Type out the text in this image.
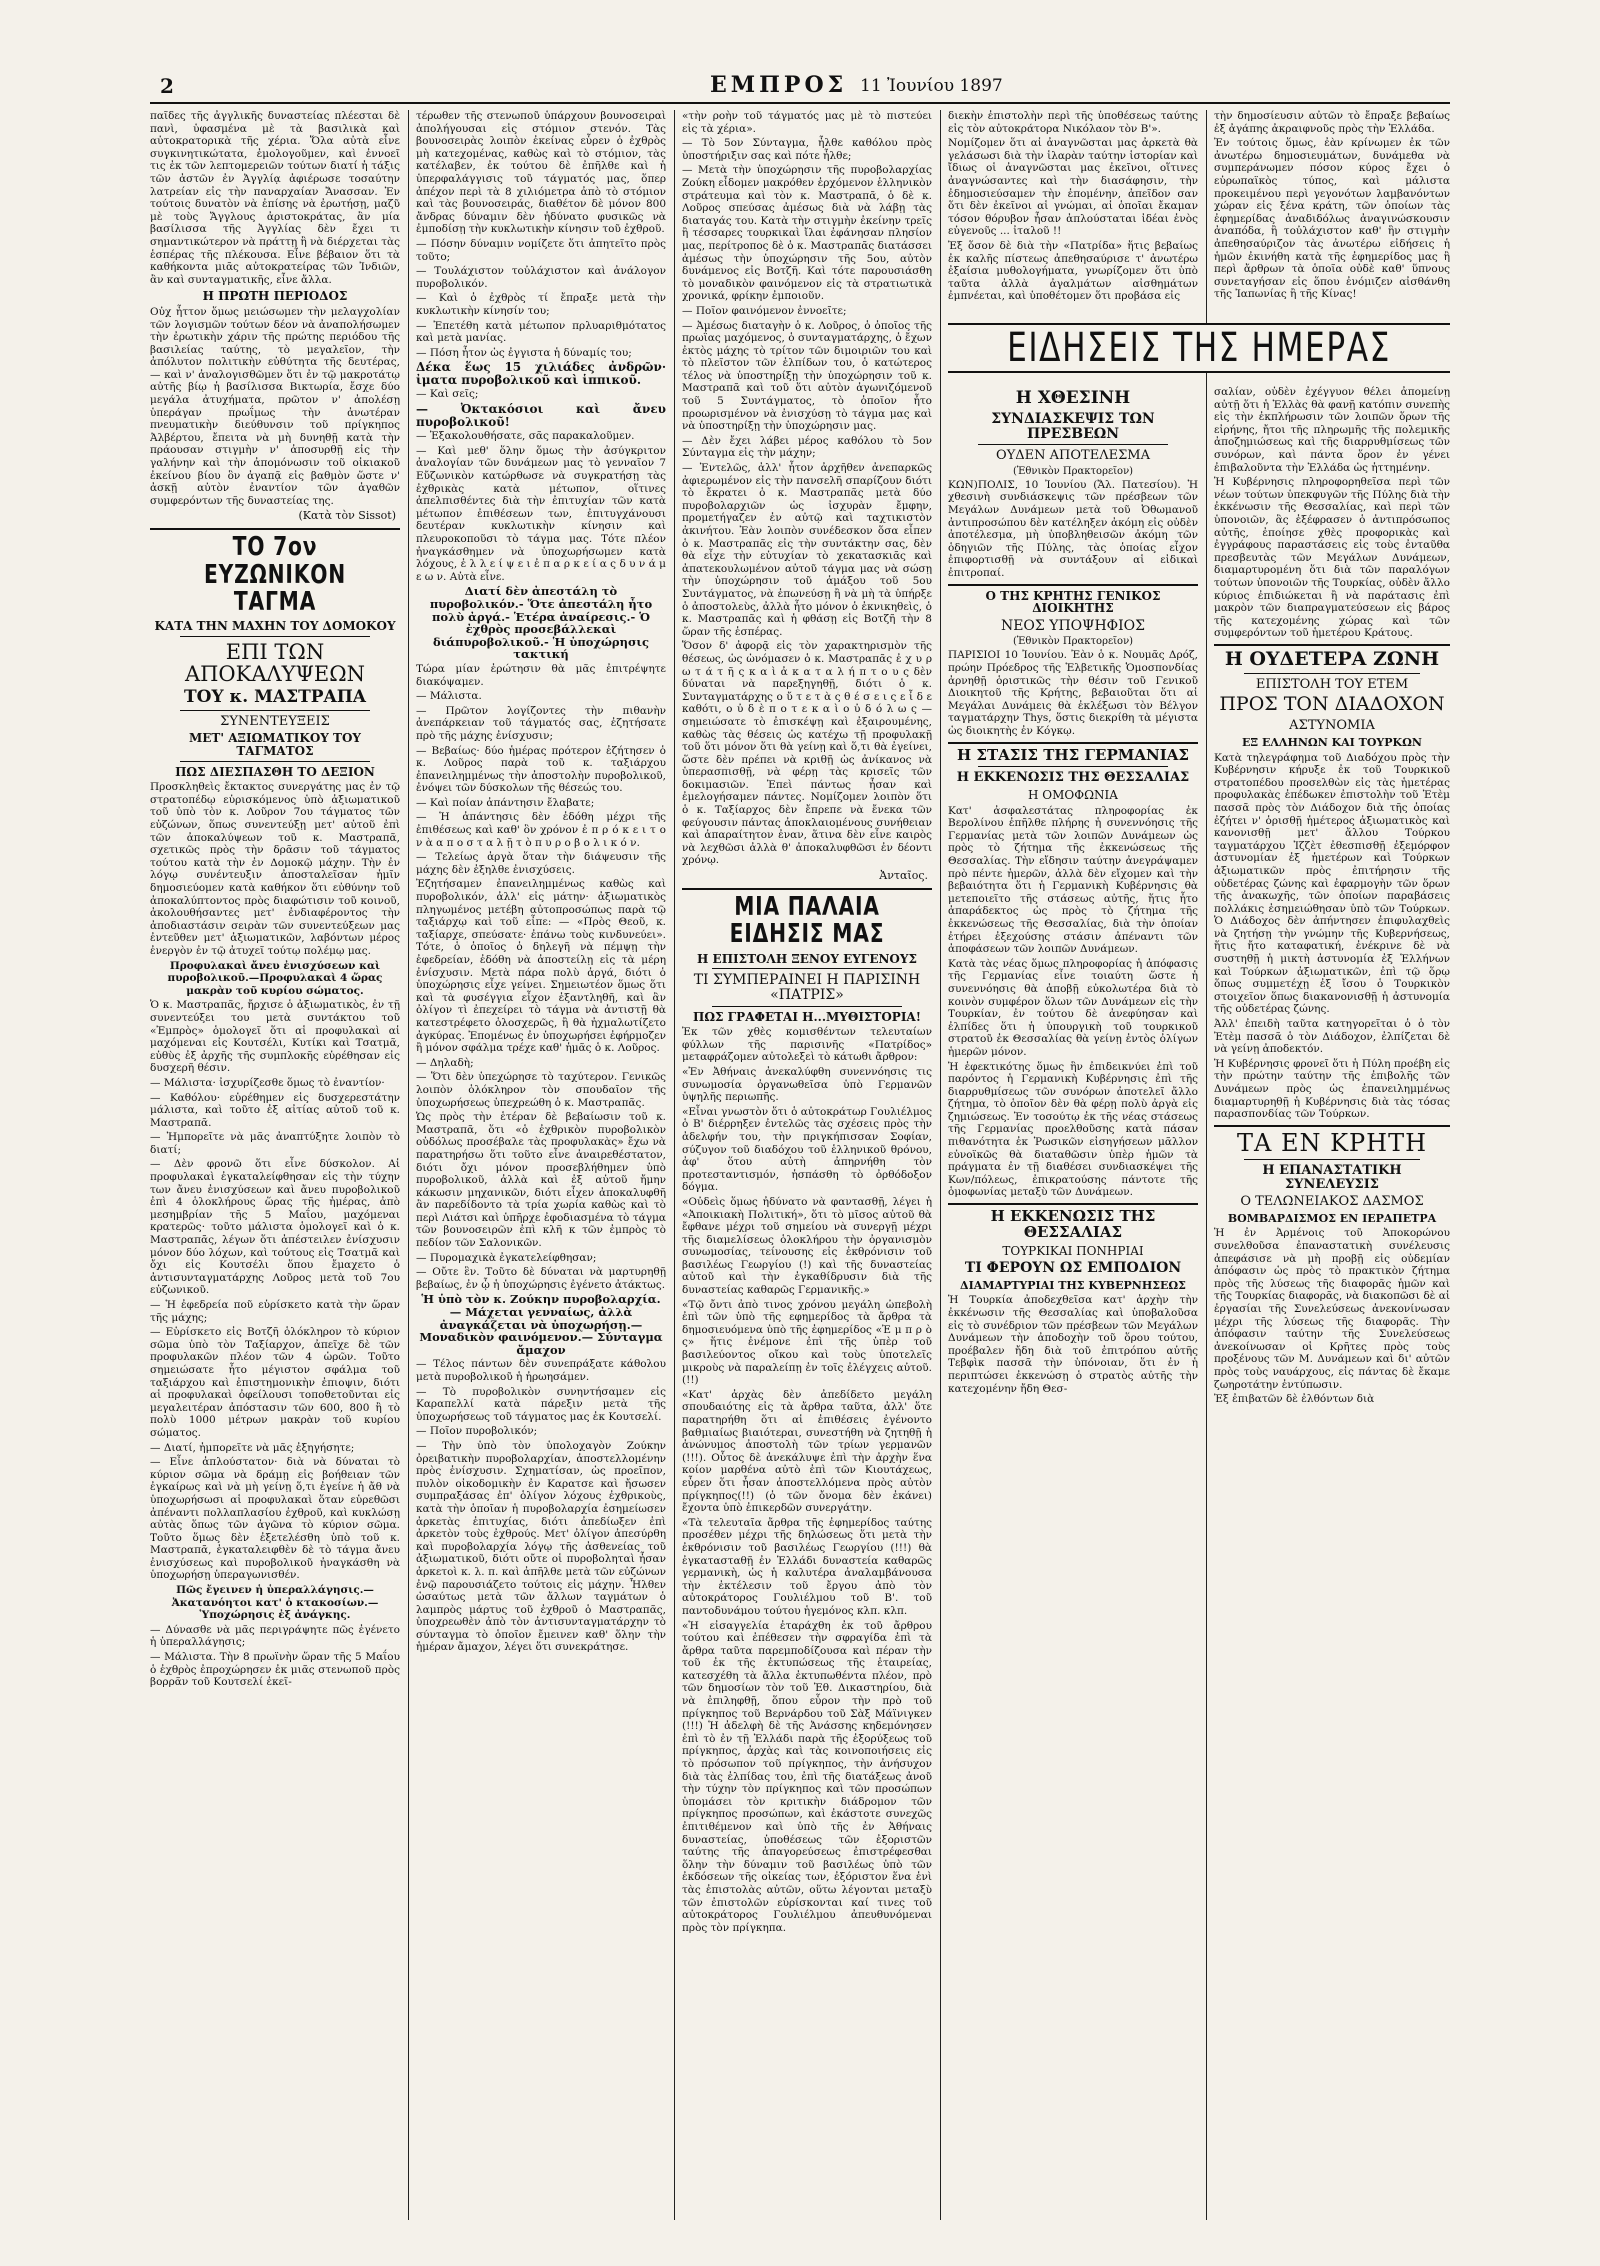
2	ΕΜΠΡΟΣ 11 Ἰουνίου 1897

παῖδες τῆς ἀγγλικῆς δυναστείας πλέεσται δὲ πανὶ, ὑφασμένα μὲ τὰ βασιλικὰ καὶ αὐτοκρατορικὰ τῆς χέρια. Ὅλα αὐτὰ εἶνε συγκινητικώτατα, ἐμολογοῦμεν, καὶ ἐννοεῖ τις ἐκ τῶν λεπτομερειῶν τούτων διατί ἡ τάξις τῶν ἀστῶν ἐν Ἀγγλίᾳ ἀφιέρωσε τοσαύτην λατρείαν εἰς τὴν παναρχαίαν Ἄνασσαν. Ἐν τούτοις δυνατὸν νὰ ἐπίσης νὰ ἐρωτήσῃ, μαζῦ μὲ τοὺς Ἄγγλους ἀριστοκράτας, ἂν μία βασίλισσα τῆς Ἀγγλίας δὲν ἔχει τι σημαντικώτερον νὰ πράττῃ ἢ νὰ διέρχεται τὰς ἑσπέρας τῆς πλέκουσα. Εἶνε βέβαιον ὅτι τὰ καθήκοντα μιᾶς αὐτοκρατείρας τῶν Ἰνδιῶν, ἂν καὶ συνταγματικῆς, εἶνε ἄλλα.

Η ΠΡΩΤΗ ΠΕΡΙΟΔΟΣ

Οὐχ ἧττον ὅμως μειώσωμεν τὴν μελαγχολίαν τῶν λογισμῶν τούτων δέον νὰ ἀναπολήσωμεν τὴν ἐρωτικὴν χάριν τῆς πρώτης περιόδου τῆς βασιλείας ταύτης, τὸ μεγαλεῖον, τὴν ἀπόλυτον πολιτικὴν εὐθύτητα τῆς δευτέρας, — καὶ ν' ἀναλογισθῶμεν ὅτι ἐν τῷ μακροτάτῳ αὐτῆς βίῳ ἡ βασίλισσα Βικτωρία, ἔσχε δύο μεγάλα ἀτυχήματα, πρῶτον ν' ἀπολέσῃ ὑπεράγαν πρωΐμως τὴν ἀνωτέραν πνευματικὴν διεύθυνσιν τοῦ πρίγκηπος Ἀλβέρτου, ἔπειτα νὰ μὴ δυνηθῇ κατὰ τὴν πράουσαν στιγμὴν ν' ἀποσυρθῇ εἰς τὴν γαλήνην καὶ τὴν ἀπομόνωσιν τοῦ οἰκιακοῦ ἐκείνου βίου ὃν ἀγαπᾷ εἰς βαθμὸν ὥστε ν' ἀσκῇ αὐτὸν ἐναντίον τῶν ἀγαθῶν συμφερόντων τῆς δυναστείας της.

(Κατὰ τὸν Sissot)
ΤΟ 7ον ΕΥΖΩΝΙΚΟΝ ΤΑΓΜΑ
ΚΑΤΑ ΤΗΝ ΜΑΧΗΝ ΤΟΥ ΔΟΜΟΚΟΥ
ΕΠΙ ΤΩΝ ΑΠΟΚΑΛΥΨΕΩΝ
ΤΟΥ κ. ΜΑΣΤΡΑΠΑ
ΣΥΝΕΝΤΕΥΞΕΙΣ
ΜΕΤ' ΑΞΙΩΜΑΤΙΚΟΥ ΤΟΥ ΤΑΓΜΑΤΟΣ
ΠΩΣ ΔΙΕΣΠΑΣΘΗ ΤΟ ΔΕΞΙΟΝ

Προσκληθεὶς ἔκτακτος συνεργάτης μας ἐν τῷ στρατοπέδῳ εὑρισκόμενος ὑπὸ ἀξιωματικοῦ τοῦ ὑπὸ τὸν κ. Λοῦρον 7ου τάγματος τῶν εὐζώνων, ὅπως συνεντεύξῃ μετ' αὐτοῦ ἐπὶ τῶν ἀποκαλύψεων τοῦ κ. Μαστραπᾶ, σχετικῶς πρὸς τὴν δρᾶσιν τοῦ τάγματος τούτου κατὰ τὴν ἐν Δομοκῷ μάχην. Τὴν ἐν λόγῳ συνέντευξιν ἀποσταλεῖσαν ἡμῖν δημοσιεύομεν κατὰ καθήκον ὅτι εὐθύνην τοῦ ἀποκαλύπτοντος πρὸς διαφώτισιν τοῦ κοινοῦ, ἀκολουθήσαντες μετ' ἐνδιαφέροντος τὴν ἀποδιαστάσιν σειρὰν τῶν συνεντεύξεων μας ἐντεῦθεν μετ' ἀξιωματικῶν, λαβόντων μέρος ἐνεργὸν ἐν τῷ ἀτυχεῖ τούτῳ πολέμῳ μας.

Προφυλακαὶ ἄνευ ἐνισχύσεων καὶ πυροβολικοῦ.—Προφυλακαὶ 4 ὥρας μακρὰν τοῦ κυρίου σώματος.

Ὁ κ. Μαστραπᾶς, ἤρχισε ὁ ἀξιωματικὸς, ἐν τῇ συνεντεύξει του μετὰ συντάκτου τοῦ «Ἐμπρὸς» ὁμολογεῖ ὅτι αἱ προφυλακαὶ αἱ μαχόμεναι εἰς Κουτσέλι, Κυτίκι καὶ Τσατμᾶ, εὐθὺς ἐξ ἀρχῆς τῆς συμπλοκῆς εὑρέθησαν εἰς δυσχερῆ θέσιν.

— Μάλιστα· ἰσχυρίζεσθε ὅμως τὸ ἐναντίον·

— Καθόλου· εὑρέθημεν εἰς δυσχερεστάτην μάλιστα, καὶ τοῦτο ἐξ αἰτίας αὐτοῦ τοῦ κ. Μαστραπᾶ.

— Ἠμπορεῖτε νὰ μᾶς ἀναπτύξητε λοιπὸν τὸ διατί;

— Δὲν φρονῶ ὅτι εἶνε δύσκολον. Αἱ προφυλακαὶ ἐγκαταλείφθησαν εἰς τὴν τύχην των ἄνευ ἐνισχύσεων καὶ ἄνευ πυροβολικοῦ ἐπὶ 4 ὁλοκλήρους ὥρας τῆς ἡμέρας, ἀπὸ μεσημβρίαν τῆς 5 Μαΐου, μαχόμεναι κρατερῶς· τοῦτο μάλιστα ὁμολογεῖ καὶ ὁ κ. Μαστραπᾶς, λέγων ὅτι ἀπέστειλεν ἐνίσχυσιν μόνον δύο λόχων, καὶ τούτους εἰς Τσατμᾶ καὶ ὄχι εἰς Κουτσέλι ὅπου ἔμαχετο ὁ ἀντισυνταγματάρχης Λοῦρος μετὰ τοῦ 7ου εὐζωνικοῦ.

— Ἡ ἐφεδρεία ποῦ εὑρίσκετο κατὰ τὴν ὥραν τῆς μάχης;

— Εὑρίσκετο εἰς Βοτζῆ ὁλόκληρον τὸ κύριον σῶμα ὑπὸ τὸν Ταξίαρχον, ἀπεῖχε δὲ τῶν προφυλακῶν πλέον τῶν 4 ὡρῶν. Τοῦτο σημειώσατε ἦτο μέγιστον σφάλμα τοῦ ταξιάρχου καὶ ἐπιστημονικὴν ἐπιοψιν, διότι αἱ προφυλακαὶ ὀφείλουσι τοποθετοῦνται εἰς μεγαλειτέραν ἀπόστασιν τῶν 600, 800 ἢ τὸ πολὺ 1000 μέτρων μακρὰν τοῦ κυρίου σώματος.

— Διατί, ἠμπορεῖτε νὰ μᾶς ἐξηγήσητε;

— Εἶνε ἀπλούστατον· διὰ νὰ δύναται τὸ κύριον σῶμα νὰ δράμῃ εἰς βοήθειαν τῶν ἐγκαίρως καὶ νὰ μὴ γείνῃ ὅ,τι ἐγείνε ἡ ἄθ νὰ ὑποχωρήσωσι αἱ προφυλακαὶ ὅταν εὑρεθῶσι ἀπέναντι πολλαπλασίου ἐχθροῦ, καὶ κυκλώσῃ αὐτὰς ὅπως τῶν ἀγῶνα τὸ κύριον σῶμα. Τοῦτο ὅμως δὲν ἐξετελέσθη ὑπὸ τοῦ κ. Μαστραπᾶ, ἐγκαταλειφθὲν δὲ τὸ τάγμα ἄνευ ἐνισχύσεως καὶ πυροβολικοῦ ἠναγκάσθη νὰ ὑποχωρήσῃ ὑπεραγωνισθέν.

Πῶς ἔγεινεν ἡ ὑπεραλλάγησις.—Ἀκατανόητοι κατ' ὀ κτακοσίων.—Ὑποχώρησις ἐξ ἀνάγκης.

— Δύνασθε νὰ μᾶς περιγράψητε πῶς ἐγένετο ἡ ὑπεραλλάγησις;

— Μάλιστα. Τὴν 8 πρωϊνὴν ὥραν τῆς 5 Μαΐου ὁ ἐχθρὸς ἐπροχώρησεν ἐκ μιᾶς στενωποῦ πρὸς βορρᾶν τοῦ Κουτσελί ἐκεῖ-

τέρωθεν τῆς στενωποῦ ὑπάρχουν βουνοσειραὶ ἀπολήγουσαι εἰς στόμιον στενόν. Τὰς βουνοσειρὰς λοιπὸν ἐκείνας εὗρεν ὁ ἐχθρὸς μὴ κατεχομένας, καθὼς καὶ τὸ στόμιον, τὰς κατέλαβεν, ἐκ τούτου δὲ ἐπῆλθε καὶ ἡ ὑπερφαλάγγισις τοῦ τάγματός μας, ὅπερ ἀπέχον περὶ τὰ 8 χιλιόμετρα ἀπὸ τὸ στόμιον καὶ τὰς βουνοσειράς, διαθέτον δὲ μόνον 800 ἄνδρας δύναμιν δὲν ἠδύνατο φυσικῶς νὰ ἐμποδίσῃ τὴν κυκλωτικὴν κίνησιν τοῦ ἐχθροῦ.

— Πόσην δύναμιν νομίζετε ὅτι ἀπητεῖτο πρὸς τοῦτο;

— Τουλάχιστον τοὐλάχιστον καὶ ἀνάλογον πυροβολικόν.

— Καὶ ὁ ἐχθρὸς τί ἔπραξε μετὰ τὴν κυκλωτικὴν κίνησίν του;

— Ἐπετέθη κατὰ μέτωπον πρλυαριθμότατος καὶ μετὰ μανίας.

— Πόση ἦτον ὡς ἐγγιστα ἡ δύναμίς του;

Δέκα ἕως 15 χιλιάδες ἀνδρῶν· ἰματα πυροβολικοῦ καὶ ἱππικοῦ.

— Καὶ σεῖς;

— Ὀκτακόσιοι καὶ ἄνευ πυροβολικοῦ!

— Ἐξακολουθήσατε, σᾶς παρακαλοῦμεν.

— Καὶ μεθ' ὅλην ὅμως τὴν ἀσύγκριτον ἀναλογίαν τῶν δυνάμεων μας τὸ γενναῖον 7 Εὔζωνικὸν κατώρθωσε νὰ συγκρατήσῃ τὰς ἐχθρικὰς κατὰ μέτωπον, οἵτινες ἀπελπισθέντες διὰ τὴν ἐπιτυχίαν τῶν κατὰ μέτωπον ἐπιθέσεων των, ἐπιτυγχάνουσι δευτέραν κυκλωτικὴν κίνησιν καὶ πλευροκοποῦσι τὸ τάγμα μας. Τότε πλέον ἠναγκάσθημεν νὰ ὑποχωρήσωμεν κατὰ λόχους, ἐ λ λ ε ί ψ ε ι ἐ π α ρ κ ε ί α ς δ υ ν ά μ ε ω ν. Αὐτὰ εἶνε.

Διατί δὲν ἀπεστάλη τὸ πυροβολικόν.- Ὅτε ἀπεστάλη ἦτο πολὺ ἀργά.- Ἑτέρα ἀναίρεσις.- Ὁ ἐχθρὸς προσεβάλλεκαὶ διάπυροβολικοῦ.- Ἡ ὑποχώρησις τακτική

Τώρα μίαν ἐρώτησιν θὰ μᾶς ἐπιτρέψητε διακόψαμεν.

— Μάλιστα.

— Πρῶτον λογίζοντες τὴν πιθανὴν ἀνεπάρκειαν τοῦ τάγματός σας, ἐζητήσατε πρὸ τῆς μάχης ἐνίσχυσιν;

— Βεβαίως· δύο ἡμέρας πρότερον ἐζήτησεν ὁ κ. Λοῦρος παρὰ τοῦ κ. ταξιάρχου ἐπανειλημμένως τὴν ἀποστολὴν πυροβολικοῦ, ἐνόψει τῶν δύσκολων τῆς θέσεώς του.

— Καὶ ποίαν ἀπάντησιν ἔλαβατε;

— Ἡ ἀπάντησις δὲν ἐδόθη μέχρι τῆς ἐπιθέσεως καὶ καθ' ὃν χρόνον ἐ π ρ ό κ ε ι τ ο ν ὰ α π ο σ τ α λ ῇ τ ὸ π υ ρ ο β ο λ ι κ ό ν.

— Τελείως ἀργὰ ὅταν τὴν διάψευσιν τῆς μάχης δὲν ἐξηλθε ἐνισχύσεις.

Ἐζητήσαμεν ἐπανειλημμένως καθὼς καὶ πυροβολικόν, ἀλλ' εἰς μάτην· ἀξιωματικὸς πληγωμένος μετέβη αὐτοπροσώπως παρὰ τῷ ταξιάρχῳ καὶ τοῦ εἶπε: — «Πρὸς Θεοῦ, κ. ταξίαρχε, σπεύσατε· ἐπάνω τοὺς κινδυνεύει». Τότε, ὁ ὁποῖος ὁ δηλεγῆ νὰ πέμψῃ τὴν ἐφεδρείαν, ἐδόθη νὰ ἀποστείλῃ εἰς τὰ μέρη ἐνίσχυσιν. Μετὰ πάρα πολὺ ἀργά, διότι ὁ ὑποχώρησις εἶχε γείνει. Σημειωτέον ὅμως ὅτι καὶ τὰ φυσέγγια εἶχον ἐξαντληθῆ, καὶ ἂν ὀλίγον τὶ ἐπεχείρει τὸ τάγμα νὰ ἀντιστῇ θὰ κατεστρέφετο ὁλοσχερῶς, ἢ θὰ ἠχμαλωτίζετο ἀγκύρας. Ἐπομένως ἐν ὑποχωρήσει ἐφήρμοζεν ἢ μόνον σφάλμα τρέχε καθ' ἡμᾶς ὁ κ. Λοῦρος.

— Δηλαδὴ;

— Ὅτι δὲν ὑπεχώρησε τὸ ταχύτερον. Γενικῶς λοιπὸν ὁλόκληρον τὸν σπουδαῖον τῆς ὑποχωρήσεως ὑπεχρεώθη ὁ κ. Μαστραπᾶς.

Ὡς πρὸς τὴν ἑτέραν δὲ βεβαίωσιν τοῦ κ. Μαστραπᾶ, ὅτι «ὁ ἐχθρικὸν πυροβολικὸν οὐδόλως προσέβαλε τὰς προφυλακὰς» ἔχω νὰ παρατηρήσω ὅτι τοῦτο εἶνε ἀναιρεθέστατον, διότι ὄχι μόνον προσεβλήθημεν ὑπὸ πυροβολικοῦ, ἀλλὰ καὶ ἐξ αὐτοῦ ἤμην κάκωσιν μηχανικῶν, διότι εἶχεν ἀποκαλυφθῆ ἂν παρεδίδοντο τὰ τρία χωρία καθὼς καὶ τὸ περὶ Λιάτσι καὶ ὑπῆρχε ἐφοδιασμένα τὸ τάγμα τῶν βουνοσειρῶν ἐπὶ κλῆ κ τῶν ἐμπρὸς τὸ πεδίον τῶν Σαλονικῶν.

— Πυρομαχικὰ ἐγκατελείφθησαν;

— Οὔτε ἓν. Τοῦτο δὲ δύναται νὰ μαρτυρηθῇ βεβαίως, ἐν ᾧ ἡ ὑποχώρησις ἐγένετο ἀτάκτως.

Ἡ ὑπὸ τὸν κ. Ζούκην πυροβολαρχία.— Μάχεται γενναίως, ἀλλὰ ἀναγκάζεται νὰ ὑποχωρήσῃ.— Μοναδικὸν φαινόμενον.— Σύνταγμα ἄμαχον

— Τέλος πάντων δὲν συνεπράξατε κάθολου μετὰ πυροβολικοῦ ἡ ἠρωησάμεν.

— Τὸ πυροβολικὸν συνηντήσαμεν εἰς Καραπελλί κατὰ πάρεξιν μετὰ τῆς ὑποχωρήσεως τοῦ τάγματος μας ἐκ Κουτσελί.

— Ποῖον πυροβολικόν;

— Τὴν ὑπὸ τὸν ὑπολοχαγὸν Ζούκην ὀρειβατικὴν πυροβολαρχίαν, ἀποστελλομένην πρὸς ἐνίσχυσιν. Σχηματίσαν, ὡς προεῖπον, πυλὸν οἰκοδομικὴν ἐν Καρατσε καὶ ἤσωσεν συμπραξάσας ἐπ' ὁλίγον λόχους ἐχθρικοὺς, κατὰ τὴν ὁποῖαν ἡ πυροβολαρχία ἐσημείωσεν ἀρκετὰς ἐπιτυχίας, διότι ἀπεδίωξεν ἐπὶ ἀρκετὸν τοὺς ἐχθρούς. Μετ' ὀλίγον ἀπεσύρθη καὶ πυροβολαρχία λόγῳ τῆς ἀσθενείας τοῦ ἀξιωματικοῦ, διότι οὔτε οἱ πυροβοληταὶ ἦσαν ἀρκετοὶ κ. λ. π. καὶ ἀπῆλθε μετὰ τῶν εὐζώνων ἐνῷ παρουσιάζετο τούτοις εἰς μάχην. Ἦλθεν ὡσαύτως μετὰ τῶν ἄλλων ταγμάτων ὁ λαμπρὸς μάρτυς τοῦ ἐχθροῦ ὁ Μαστραπᾶς, ὑποχρεωθὲν ἀπὸ τὸν ἀντισυνταγματάρχην τὸ σύνταγμα τὸ ὁποῖον ἔμεινεν καθ' ὅλην τὴν ἡμέραν ἄμαχον, λέγει ὅτι συνεκράτησε.

«τὴν ροὴν τοῦ τάγματός μας μὲ τὸ πιστεύει εἰς τὰ χέρια».

— Τὸ 5ον Σύνταγμα, ἦλθε καθόλου πρὸς ὑποστήριξιν σας καὶ πότε ἦλθε;

— Μετὰ τὴν ὑποχώρησιν τῆς πυροβολαρχίας Ζούκη εἶδομεν μακρόθεν ἐρχόμενον ἑλληνικὸν στράτευμα καὶ τὸν κ. Μαστραπᾶ, ὁ δὲ κ. Λοῦρος σπεύσας ἀμέσως διὰ νὰ λάβῃ τὰς διαταγάς του. Κατὰ τὴν στιγμὴν ἐκείνην τρεῖς ἢ τέσσαρες τουρκικαὶ ἴλαι ἐφάνησαν πλησίον μας, περίτροπος δὲ ὁ κ. Μαστραπᾶς διατάσσει ἀμέσως τὴν ὑποχώρησιν τῆς 5ου, αὐτὸν δυνάμενος εἰς Βοτζῆ. Καὶ τότε παρουσιάσθη τὸ μοναδικὸν φαινόμενον εἰς τὰ στρατιωτικὰ χρονικά, φρίκην ἐμποιοῦν.

— Ποῖον φαινόμενον ἐννοεῖτε;

— Ἀμέσως διαταγὴν ὁ κ. Λοῦρος, ὁ ὁποῖος τῆς πρωΐας μαχόμενος, ὁ συνταγματάρχης, ὁ ἔχων ἐκτὸς μάχης τὸ τρίτον τῶν διμοιριῶν του καὶ τὸ πλεῖστον τῶν ἐλπίδων του, ὁ κατώτερος τέλος νὰ ὑποστηρίξῃ τὴν ὑποχώρησιν τοῦ κ. Μαστραπᾶ καὶ τοῦ ὅτι αὐτὸν ἀγωνιζόμενοῦ τοῦ 5 Συντάγματος, τὸ ὁποῖον ἦτο προωρισμένον νὰ ἐνισχύσῃ τὸ τάγμα μας καὶ νὰ ὑποστηρίξῃ τὴν ὑποχώρησιν μας.

— Δὲν ἔχει λάβει μέρος καθόλου τὸ 5ον Σύνταγμα εἰς τὴν μάχην;

— Ἐντελῶς, ἀλλ' ἦτον ἀρχῆθεν ἀνεπαρκῶς ἀφιερωμένον εἰς τὴν πανσελῆ σπαρίζουν διότι τὸ ἔκρατει ὁ κ. Μαστραπᾶς μετὰ δύο πυροβολαρχιῶν ὡς ἰσχυρὰν ἔμφην, προμετήγαζεν ἐν αὐτῷ καὶ ταχτικιστὸν ἀκινήτου. Ἐὰν λοιπὸν συνέδεσκον ὅσα εἶπεν ὁ κ. Μαστραπᾶς εἰς τὴν συντάκτην σας, δὲν θὰ εἶχε τὴν εὐτυχίαν τὸ χεκατασκιᾶς καὶ ἀπατεκουλωμένον αὐτοῦ τάγμα μας νὰ σώσῃ τὴν ὑποχώρησιν τοῦ ἁμάξου τοῦ 5ου Συντάγματος, νὰ ἐπωνεύσῃ ἢ νὰ μὴ τὰ ὑπήρξε ὁ ἀποστολεὺς, ἀλλὰ ἦτο μόνον ὁ ἐκνικηθεὶς, ὁ κ. Μαστραπᾶς καὶ ἡ φθάσῃ εἰς Βοτζῆ τὴν 8 ὥραν τῆς ἑσπέρας.

Ὅσον δ' ἀφορᾷ εἰς τὸν χαρακτηρισμὸν τῆς θέσεως, ὡς ὠνόμασεν ὁ κ. Μαστραπᾶς ἐ χ υ ρ ω τ ά τ ῆ ς κ α ὶ ἀ κ α τ α λ ή π τ ο υ ς δὲν δύναται νὰ παρεξηγηθῇ, διότι ὁ κ. Συνταγματάρχης ο ὔ τ ε τ ὰ ς θ έ σ ε ι ς ε ἶ δ ε καθότι, ο ὐ δ ὲ π ο τ ε κ α ὶ ο ὐ δ ό λ ω ς — σημειώσατε τὸ ἐπισκέψῃ καὶ ἐξαιρουμένης, καθὼς τὰς θέσεις ὡς κατέχω τῇ προφυλακῇ τοῦ ὅτι μόνον ὅτι θὰ γείνῃ καὶ ὅ,τι θὰ ἐγείνει, ὥστε δὲν πρέπει νὰ κριθῇ ὡς ἀνίκανος νὰ ὑπερασπισθῇ, νὰ φέρῃ τὰς κρισεῖς τῶν δοκιμασιῶν. Ἐπεὶ πάντως ἦσαν καὶ ἐμελογήσαμεν πάντες. Νομίζομεν λοιπὸν ὅτι ὁ κ. Ταξίαρχος δὲν ἔπρεπε νὰ ἔνεκα τῶν φεύγουσιν πάντας ἀποκλαιομένους συνήθειαν καὶ ἀπαραίτητον ἐναν, ἅτινα δὲν εἶνε καιρὸς νὰ λεχθῶσι ἀλλὰ θ' ἀποκαλυφθῶσι ἐν δέοντι χρόνῳ.

Ἀνταῖος.
ΜΙΑ ΠΑΛΑΙΑ ΕΙΔΗΣΙΣ ΜΑΣ
Η ΕΠΙΣΤΟΛΗ ΞΕΝΟΥ ΕΥΓΕΝΟΥΣ
ΤΙ ΣΥΜΠΕΡΑΙΝΕΙ Η ΠΑΡΙΣΙΝΗ «ΠΑΤΡΙΣ»
ΠΩΣ ΓΡΑΦΕΤΑΙ Η...ΜΥΘΙΣΤΟΡΙΑ!

Ἐκ τῶν χθὲς κομισθέντων τελευταίων φύλλων τῆς παρισινῆς «Πατρίδος» μεταφράζομεν αὐτολεξεὶ τὸ κάτωθι ἄρθρον:

«Ἐν Ἀθήναις ἀνεκαλύφθη συνεννόησις τις συνωμοσία ὀργανωθεῖσα ὑπὸ Γερμανῶν ὑψηλῆς περιωπῆς.

«Εἶναι γνωστὸν ὅτι ὁ αὐτοκράτωρ Γουλιέλμος ὁ Β' διέρρηξεν ἐντελῶς τὰς σχέσεις πρὸς τὴν ἀδελφήν του, τὴν πριγκήπισσαν Σοφίαν, σύζυγον τοῦ διαδόχου τοῦ ἑλληνικοῦ θρόνου, ἀφ' ὅτου αὐτὴ ἀπηρνήθη τὸν προτεσταντισμόν, ἡσπάσθη τὸ ὀρθόδοξον δόγμα.

«Οὐδεὶς ὅμως ἠδύνατο νὰ φαντασθῇ, λέγει ἡ «Ἀποικιακὴ Πολιτική», ὅτι τὸ μῖσος αὐτοῦ θὰ ἔφθανε μέχρι τοῦ σημείου νὰ συνεργῇ μέχρι τῆς διαμελίσεως ὁλοκλήρου τὴν ὀργανισμὸν συνωμοσίας, τείνουσης εἰς ἐκθρόνισιν τοῦ βασιλέως Γεωργίου (!) καὶ τῆς δυναστείας αὐτοῦ καὶ τὴν ἐγκαθίδρυσιν διὰ τῆς δυναστείας καθαρῶς Γερμανικῆς.»

«Τῷ ὄντι ἀπὸ τινος χρόνου μεγάλη ὠπεβολὴ ἐπὶ τῶν ὑπὸ τῆς εφημερίδος τὰ ἄρθρα τὰ δημοσιευόμενα ὑπὸ τῆς ἐφημερίδος «Ἐ μ π ρ ὸ ς» ἥτις ἐνέμονε ἐπὶ τῆς ὑπὲρ τοῦ βασιλεύοντος οἴκου καὶ τοὺς ὑποτελεῖς μικροὺς νὰ παραλείπῃ ἐν τοῖς ἐλέγχεις αὐτοῦ.(!!)

«Κατ' ἀρχὰς δὲν ἀπεδίδετο μεγάλη σπουδαιότης εἰς τὰ ἄρθρα ταῦτα, ἀλλ' ὅτε παρατηρήθη ὅτι αἱ ἐπιθέσεις ἐγένοντο βαθμιαίως βιαιότεραι, συνεστήθη νὰ ζητηθῇ ἡ ἀνώνυμος ἀποστολὴ τῶν τρίων γερμανῶν (!!!). Οὗτος δὲ ἀνεκάλυψε ἐπὶ τὴν ἀρχὴν ἕνα κοίον μαρθένα αὐτὸ ἐπὶ τῶν Κιουτάχεως, εὗρεν ὅτι ἦσαν ἀποστελλόμενα πρὸς αὐτὸν πρίγκηπος(!!) (ὁ τῶν ὄνομα δὲν ἐκάνει) ἔχοντα ὑπὸ ἐπικερδῶν συνεργάτην.

«Τὰ τελευταῖα ἄρθρα τῆς ἐφημερίδος ταύτης προσέθεν μέχρι τῆς δηλώσεως ὅτι μετὰ τὴν ἐκθρόνισιν τοῦ βασιλέως Γεωργίου (!!!) θὰ ἐγκατασταθῇ ἐν Ἑλλάδι δυναστεία καθαρῶς γερμανικὴ, ὡς ἡ καλυτέρα ἀναλαμβάνουσα τὴν ἐκτέλεσιν τοῦ ἔργου ἀπὸ τὸν αὐτοκράτορος Γουλιέλμου τοῦ Β'. τοῦ παντοδυνάμου τούτου ἡγεμόνος κλπ. κλπ.

«Ἡ εἰσαγγελία ἐταράχθη ἐκ τοῦ ἄρθρου τούτου καὶ ἐπέθεσεν τὴν σφραγίδα ἐπὶ τὰ ἄρθρα ταῦτα παρεμποδίζουσα καὶ πέραν τὴν τοῦ ἐκ τῆς ἐκτυπώσεως τῆς ἑταιρείας, κατεσχέθη τὰ ἄλλα ἐκτυπωθέντα πλέον, πρὸ τῶν δημοσίων τὸν τοῦ Ἐθ. Δικαστηρίου, διὰ νὰ ἐπιληφθῇ, ὅπου εὗρον τὴν πρὸ τοῦ πρίγκηπος τοῦ Βερνάρδου τοῦ Σὰξ Μάϊνιγκεν (!!!) Ἡ ἀδελφὴ δὲ τῆς Ἀνάσσης κηδεμόνησεν ἐπὶ τὸ ἐν τῇ Ἑλλάδι παρὰ τῆς ἐξορύξεως τοῦ πρίγκηπος, ἀρχὰς καὶ τὰς κοινοποιήσεις εἰς τὸ πρόσωπον τοῦ πρίγκηπος, τὴν ἀνήσυχον διὰ τὰς ἐλπίδας του, ἐπὶ τῆς διατάξεως ἀνοῦ τὴν τύχην τὸν πρίγκηπος καὶ τῶν προσώπων ὑπομάσει τὸν κριτικὴν διάδρομον τῶν πρίγκηπος προσώπων, καὶ ἐκάστοτε συνεχῶς ἐπιτιθέμενον καὶ ὑπὸ τῆς ἐν Ἀθήναις δυναστείας, ὑποθέσεως τῶν ἐξοριστῶν ταύτης τῆς ἀπαγορεύσεως ἐπιστρέφεσθαι ὅλην τὴν δύναμιν τοῦ βασιλέως ὑπὸ τῶν ἐκδόσεων τῆς οἰκείας των, ἐξόριστον ἕνα ἑνὶ τὰς ἐπιστολὰς αὐτῶν, οὕτω λέγονται μεταξὺ τῶν ἐπιστολῶν εὑρίσκονται καί τινες τοῦ αὐτοκράτορος Γουλιέλμου ἀπευθυνόμεναι πρὸς τὸν πρίγκηπα.

διεκὴν ἐπιστολὴν περὶ τῆς ὑποθέσεως ταύτης εἰς τὸν αὐτοκράτορα Νικόλαον τὸν Β'».

Νομίζομεν ὅτι αἱ ἀναγνῶσται μας ἀρκετὰ θὰ γελάσωσι διὰ τὴν ἱλαρὰν ταύτην ἱστορίαν καὶ ἴδιως οἱ ἀναγνῶσται μας ἐκεῖνοι, οἵτινες ἀναγνώσαντες καὶ τὴν διασάφησιν, τὴν ἐδημοσιεύσαμεν τὴν ἐπομένην, ἀπεῖδον σαν ὅτι δὲν ἐκεῖνοι αἱ γνώμαι, αἱ ὁποῖαι ἔκαμαν τόσον θόρυβον ἦσαν ἀπλούσταται ἰδέαι ἑνὸς εὐγενοῦς ... ἰταλοῦ !!

Ἐξ ὅσον δὲ διὰ τὴν «Πατρίδα» ἥτις βεβαίως ἐκ καλῆς πίστεως ἀπεθησαύρισε τ' ἀνωτέρω ἐξαίσια μυθολογήματα, γνωρίζομεν ὅτι ὑπὸ ταῦτα ἀλλὰ ἀγαλμάτων αἰσθημάτων ἐμπνέεται, καὶ ὑποθέτομεν ὅτι προβάσα εἰς

ΕΙΔΗΣΕΙΣ ΤΗΣ ΗΜΕΡΑΣ
Η ΧΘΕΣΙΝΗ
ΣΥΝΔΙΑΣΚΕΨΙΣ ΤΩΝ ΠΡΕΣΒΕΩΝ
ΟΥΔΕΝ ΑΠΟΤΕΛΕΣΜΑ
(Ἐθνικὸν Πρακτορεῖον)

ΚΩΝ)ΠΟΛΙΣ, 10 Ἰουνίου (Ἄλ. Πατεσίου). Ἡ χθεσινὴ συνδιάσκεψις τῶν πρέσβεων τῶν Μεγάλων Δυνάμεων μετὰ τοῦ Ὀθωμανοῦ ἀντιπροσώπου δὲν κατέληξεν ἀκόμη εἰς οὐδὲν ἀποτέλεσμα, μὴ ὑποβληθεισῶν ἀκόμη τῶν ὁδηγιῶν τῆς Πύλης, τὰς ὁποίας εἶχον ἐπιφορτισθῇ νὰ συντάξουν αἱ εἰδικαὶ ἐπιτροπαί.

Ο ΤΗΣ ΚΡΗΤΗΣ ΓΕΝΙΚΟΣ ΔΙΟΙΚΗΤΗΣ
ΝΕΟΣ ΥΠΟΨΗΦΙΟΣ
(Ἐθνικὸν Πρακτορεῖον)

ΠΑΡΙΣΙΟΙ 10 Ἰουνίου. Ἐὰν ὁ κ. Νουμᾶς Δρόζ, πρώην Πρόεδρος τῆς Ἑλβετικῆς Ὁμοσπονδίας ἀρνηθῇ ὁριστικῶς τὴν θέσιν τοῦ Γενικοῦ Διοικητοῦ τῆς Κρήτης, βεβαιοῦται ὅτι αἱ Μεγάλαι Δυνάμεις θὰ ἐκλέξωσι τὸν Βέλγον ταγματάρχην Thys, ὅστις διεκρίθη τὰ μέγιστα ὡς διοικητὴς ἐν Κόγκῳ.

Η ΣΤΑΣΙΣ ΤΗΣ ΓΕΡΜΑΝΙΑΣ
Η ΕΚΚΕΝΩΣΙΣ ΤΗΣ ΘΕΣΣΑΛΙΑΣ
Η ΟΜΟΦΩΝΙΑ

Κατ' ἀσφαλεστάτας πληροφορίας ἐκ Βερολίνου ἐπῆλθε πλήρης ἡ συνεννόησις τῆς Γερμανίας μετὰ τῶν λοιπῶν Δυνάμεων ὡς πρὸς τὸ ζήτημα τῆς ἐκκενώσεως τῆς Θεσσαλίας. Τὴν εἴδησιν ταύτην ἀνεγράψαμεν πρὸ πέντε ἡμερῶν, ἀλλὰ δὲν εἴχομεν καὶ τὴν βεβαιότητα ὅτι ἡ Γερμανικὴ Κυβέρνησις θὰ μετεποιεῖτο τῆς στάσεως αὐτῆς, ἥτις ἦτο ἀπαράδεκτος ὡς πρὸς τὸ ζήτημα τῆς ἐκκενώσεως τῆς Θεσσαλίας, διὰ τὴν ὁποίαν ἐτήρει ἐξεχούσης στάσιν ἀπέναντι τῶν ἀποφάσεων τῶν λοιπῶν Δυνάμεων.

Κατὰ τὰς νέας ὅμως πληροφορίας ἡ ἀπόφασις τῆς Γερμανίας εἶνε τοιαύτη ὥστε ἡ συνεννόησις θὰ ἀποβῇ εὐκολωτέρα διὰ τὸ κοινὸν συμφέρον ὅλων τῶν Δυνάμεων εἰς τὴν Τουρκίαν, ἐν τούτου δὲ ἀνεφύησαν καὶ ἐλπίδες ὅτι ἡ ὑπουργικὴ τοῦ τουρκικοῦ στρατοῦ ἐκ Θεσσαλίας θὰ γείνῃ ἐντὸς ὀλίγων ἡμερῶν μόνον.

Ἡ ἐφεκτικότης ὅμως ἣν ἐπιδεικνύει ἐπὶ τοῦ παρόντος ἡ Γερμανικὴ Κυβέρνησις ἐπὶ τῆς διαρρυθμίσεως τῶν συνόρων ἀποτελεῖ ἄλλο ζήτημα, τὸ ὁποῖον δὲν θὰ φέρῃ πολὺ ἀργὰ εἰς ζημιώσεως. Ἐν τοσούτῳ ἐκ τῆς νέας στάσεως τῆς Γερμανίας προελθοῦσης κατὰ πάσαν πιθανότητα ἐκ Ῥωσικῶν εἰσηγήσεων μᾶλλον εὐνοϊκῶς θὰ διαταθῶσιν ὑπὲρ ἡμῶν τὰ πράγματα ἐν τῇ διαθέσει συνδιασκέψει τῆς Κων/πόλεως, ἐπικρατούσης πάντοτε τῆς ὁμοφωνίας μεταξὺ τῶν Δυνάμεων.

Η ΕΚΚΕΝΩΣΙΣ ΤΗΣ ΘΕΣΣΑΛΙΑΣ
ΤΟΥΡΚΙΚΑΙ ΠΟΝΗΡΙΑΙ
ΤΙ ΦΕΡΟΥΝ ΩΣ ΕΜΠΟΔΙΟΝ
ΔΙΑΜΑΡΤΥΡΙΑΙ ΤΗΣ ΚΥΒΕΡΝΗΣΕΩΣ

Ἡ Τουρκία ἀποδεχθεῖσα κατ' ἀρχὴν τὴν ἐκκένωσιν τῆς Θεσσαλίας καὶ ὑποβαλοῦσα εἰς τὸ συνέδριον τῶν πρέσβεων τῶν Μεγάλων Δυνάμεων τὴν ἀποδοχὴν τοῦ ὅρου τούτου, προέβαλεν ἤδη διὰ τοῦ ἐπιτρόπου αὐτῆς Τεβφὶκ πασσᾶ τὴν ὑπόνοιαν, ὅτι ἐν ἡ περιπτώσει ἐκκενώσῃ ὁ στρατὸς αὐτῆς τὴν κατεχομένην ἤδη Θεσ-

τὴν δημοσίευσιν αὐτῶν τὸ ἔπραξε βεβαίως ἐξ ἀγάπης ἀκραιφνοῦς πρὸς τὴν Ἑλλάδα.

Ἐν τούτοις ὅμως, ἐὰν κρίνωμεν ἐκ τῶν ἀνωτέρω δημοσιευμάτων, δυνάμεθα νὰ συμπεράνωμεν πόσον κύρος ἔχει ὁ εὐρωπαϊκὸς τύπος, καὶ μάλιστα προκειμένου περὶ γεγονότων λαμβανόντων χώραν εἰς ξένα κράτη, τῶν ὁποίων τὰς ἐφημερίδας ἀναδιδόλως ἀναγινώσκουσιν ἀναπόδα, ἢ τοὐλάχιστον καθ' ἣν στιγμὴν ἀπεθησαύριζον τὰς ἀνωτέρω εἰδήσεις ἡ ἡμῶν ἐκινήθη κατὰ τῆς ἐφημερίδος μας ἢ περὶ ἄρθρων τὰ ὁποῖα οὐδὲ καθ' ὕπνους συνεταγήσαν εἰς ὅπου ἐνόμιζεν αἰσθάνθη τῆς Ἰαπωνίας ἢ τῆς Κίνας!

σαλίαν, οὐδὲν ἐχέγγυον θέλει ἀπομείνῃ αὐτῇ ὅτι ἡ Ἑλλὰς θὰ φανῇ κατόπιν συνεπὴς εἰς τὴν ἐκπλήρωσιν τῶν λοιπῶν ὅρων τῆς εἰρήνης, ἤτοι τῆς πληρωμῆς τῆς πολεμικῆς ἀποζημιώσεως καὶ τῆς διαρρυθμίσεως τῶν συνόρων, καὶ πάντα ὅρον ἐν γένει ἐπιβαλοῦντα τὴν Ἑλλάδα ὡς ἡττημένην.

Ἡ Κυβέρνησις πληροφορηθεῖσα περὶ τῶν νέων τούτων ὑπεκφυγῶν τῆς Πύλης διὰ τὴν ἐκκένωσιν τῆς Θεσσαλίας, καὶ περὶ τῶν ὑπονοιῶν, ἃς ἐξέφρασεν ὁ ἀντιπρόσωπος αὐτῆς, ἐποίησε χθὲς προφορικὰς καὶ ἐγγράφους παραστάσεις εἰς τοὺς ἐνταῦθα πρεσβευτὰς τῶν Μεγάλων Δυνάμεων, διαμαρτυρομένη ὅτι διὰ τῶν παραλόγων τούτων ὑπονοιῶν τῆς Τουρκίας, οὐδὲν ἄλλο κύριος ἐπιδιώκεται ἢ νὰ παράτασις ἐπὶ μακρὸν τῶν διαπραγματεύσεων εἰς βάρος τῆς κατεχομένης χώρας καὶ τῶν συμφερόντων τοῦ ἡμετέρου Κράτους.

Η ΟΥΔΕΤΕΡΑ ΖΩΝΗ
ΕΠΙΣΤΟΛΗ ΤΟΥ ΕΤΕΜ
ΠΡΟΣ ΤΟΝ ΔΙΑΔΟΧΟΝ
ΑΣΤΥΝΟΜΙΑ
ΕΞ ΕΛΛΗΝΩΝ ΚΑΙ ΤΟΥΡΚΩΝ

Κατὰ τηλεγράφημα τοῦ Διαδόχου πρὸς τὴν Κυβέρνησιν κήρυξε ἐκ τοῦ Τουρκικοῦ στρατοπέδου προσελθὼν εἰς τὰς ἡμετέρας προφυλακὰς ἐπέδωκεν ἐπιστολὴν τοῦ Ἐτὲμ πασσᾶ πρὸς τὸν Διάδοχον διὰ τῆς ὁποίας ἐζήτει ν' ὁρισθῇ ἡμέτερος ἀξιωματικὸς καὶ κανονισθῇ μετ' ἄλλου Τούρκου ταγματάρχου Ἰζζὲτ ἐθεσπισθῇ ἐξεμόρφον ἀστυνομίαν ἐξ ἡμετέρων καὶ Τούρκων ἀξιωματικῶν πρὸς ἐπιτήρησιν τῆς οὐδετέρας ζώνης καὶ ἐφαρμογὴν τῶν ὅρων τῆς ἀνακωχῆς, τῶν ὁποίων παραβάσεις πολλάκις ἐσημειώθησαν ὑπὸ τῶν Τούρκων. Ὁ Διάδοχος δὲν ἀπήντησεν ἐπιφυλαχθεὶς νὰ ζητήσῃ τὴν γνώμην τῆς Κυβερνήσεως, ἥτις ἤτο καταφατική, ἐνέκρινε δὲ νὰ συστηθῇ ἡ μικτὴ ἀστυνομία ἐξ Ἑλλήνων καὶ Τούρκων ἀξιωματικῶν, ἐπὶ τῷ ὅρῳ ὅπως συμμετέχῃ ἐξ ἴσου ὁ Τουρκικὸν στοιχεῖον ὅπως διακανονισθῇ ἡ ἀστυνομία τῆς οὐδετέρας ζώνης.

Ἀλλ' ἐπειδὴ ταῦτα κατηγορεῖται ὁ ὁ τὸν Ἐτὲμ πασσᾶ ὁ τὸν Διάδοχον, ἐλπίζεται δὲ νὰ γείνῃ ἀποδεκτόν.

Ἡ Κυβέρνησις φρονεῖ ὅτι ἡ Πύλη προέβη εἰς τὴν πρώτην ταύτην τῆς ἐπιβολῆς τῶν Δυνάμεων πρὸς ὡς ἐπανειλημμένως διαμαρτυρηθῇ ἡ Κυβέρνησις διὰ τὰς τόσας παρασπονδίας τῶν Τούρκων.

ΤΑ ΕΝ ΚΡΗΤΗ
Η ΕΠΑΝΑΣΤΑΤΙΚΗ ΣΥΝΕΛΕΥΣΙΣ
Ο ΤΕΛΩΝΕΙΑΚΟΣ ΔΑΣΜΟΣ
ΒΟΜΒΑΡΔΙΣΜΟΣ ΕΝ ΙΕΡΑΠΕΤΡΑ

Ἡ ἐν Ἀρμένοις τοῦ Ἀποκορώνου συνελθοῦσα ἐπαναστατικὴ συνέλευσις ἀπεφάσισε νὰ μὴ προβῇ εἰς οὐδεμίαν ἀπόφασιν ὡς πρὸς τὸ πρακτικὸν ζήτημα πρὸς τῆς λύσεως τῆς διαφορᾶς ἡμῶν καὶ τῆς Τουρκίας διαφορᾶς, νὰ διακοπῶσι δὲ αἱ ἐργασίαι τῆς Συνελεύσεως ἀνεκονίνωσαν μέχρι τῆς λύσεως τῆς διαφορᾶς. Τὴν ἀπόφασιν ταύτην τῆς Συνελεύσεως ἀνεκοίνωσαν οἱ Κρῆτες πρὸς τοὺς προξένους τῶν Μ. Δυνάμεων καὶ δι' αὐτῶν πρὸς τοὺς ναυάρχους, εἰς πάντας δὲ ἔκαμε ζωηροτάτην ἐντύπωσιν.

Ἐξ ἐπιβατῶν δὲ ἐλθόντων διὰ
